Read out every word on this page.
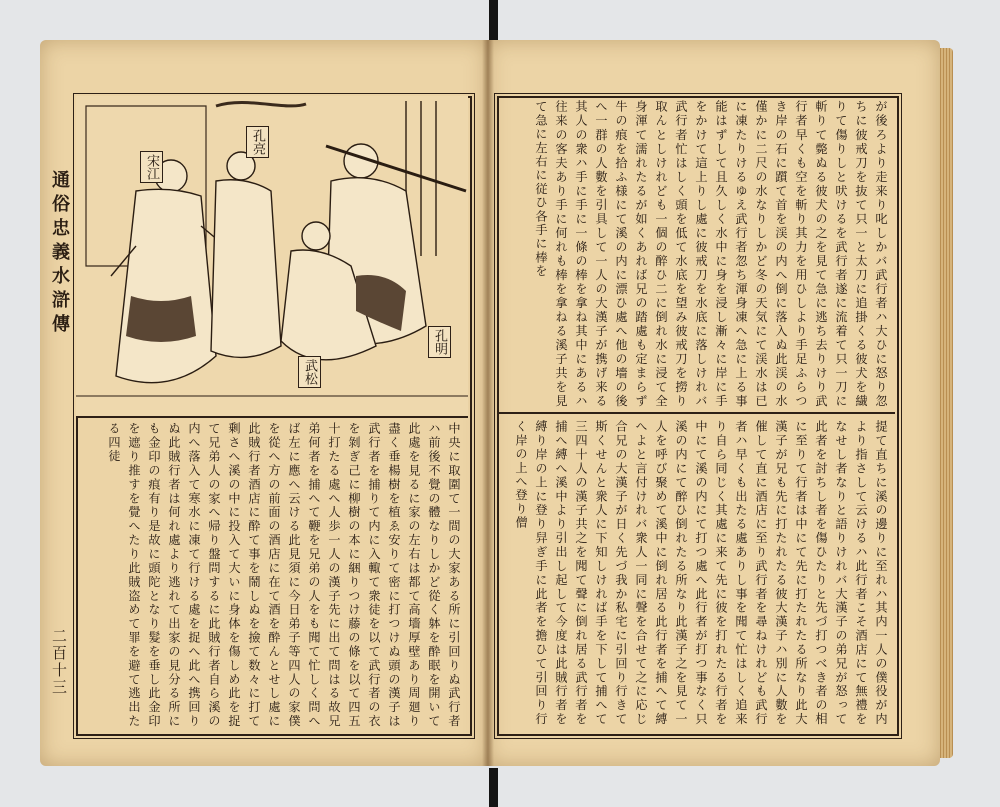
通俗忠義水滸傳
二百十三
宋江
孔亮
孔明
武松
中央に取圍て一間の大家ある所に引回りぬ武行者ハ前後不覺の體なりしかど從く躰を酔眠を開いて此處を見るに家の左右は都て高墻厚壁あり周廻り盡く垂楊樹を植ゑ安りて密に打つけぬ頭の漢子は武行者を捕りて内に入輙て衆徒を以て武行者の衣を剝ぎ己に柳樹の本に綑りつけ藤の條を以て四五十打たる處へ人歩一人の漢子先に出て問はる故兄弟何者を捕へて鞭を兄弟の人をも聞て忙しく問へば左に應へ云ける此見須に今日弟子等四人の家僕を從へ方の前面の酒店に在て酒を酔んとせし處に此賊行者酒店に酔て事を鬧しぬを撿て数々に打て剰さへ溪の中に投入て大いに身体を傷しめ此を捉て兄弟人の家へ帰り盤問するに此賊行者自ら溪の内へ落入て寒水に凍て行ける處を捉へ此へ携回りぬ此賊行者は何れ處より逃れて出家の見分る所にも金印の痕有り是故に頭陀となり髮を垂し此金印を遮り推すを覺へたり此賊盗めて罪を避て逃出たる四徒
が後ろより走来り叱しかバ武行者ハ大ひに怒り忽ちに彼戒刀を抜て只一と太刀に追掛くる彼犬を繊りて傷りしと吠けるを武行者遂に流着て只一刀に斬りて斃ぬる彼犬の之を見て急に逃ち去りけり武行者早くも空を斬り其力を用ひしより手足ふらつき岸の石に躓て首を渓の内へ倒に落入ぬ此渓の水僅かに二尺の水なりしかど冬の天気にて渓水は已に凍たりけるゆえ武行者忽ち渾身凍へ急に上る事能はずして且久しく水中に身を浸し漸々に岸に手をかけて這上りし處に彼戒刀を水底に落しけれバ武行者忙はしく頭を低て水底を望み彼戒刀を撈り取んとしけれども一個の醉ひ二に倒れ水に浸て全身渾て濡れたるが如くあれば兄の踏處も定まらず牛の痕を拾ふ様にて溪の内に漂ひ處へ他の墻の後へ一群の人數を引具して一人の大漢子が携げ来る其人の衆ハ手に手に一條の棒を拿ね其中にあるハ往来の客夫あり手に何れも棒を拿ねる溪子共を見て急に左右に従ひ各手に棒を
提て直ちに溪の邊りに至れハ其内一人の僕役が内より指さして云けるハ此行者こそ酒店にて無禮をなせし者なりと語りけれバ大漢子の弟兄が怒って此者を討ちし者を傷ひたりと先づ打つべき者の相に至りて行者は中にて先に打たれたる所なり此大漢子が兄も先に打たれたる彼大漢子ハ別に人數を催して直に酒店に至り武行者を尋ねけれども武行者ハ早くも出たる處ありし事を聞て忙はしく追来り自ら同じく其處に来て先に彼を打れたる行者を中にて溪の内にて打つ處へ此行者が打つ事なく只溪の内にて醉ひ倒れたる所なり此漢子之を見て一人を呼び聚めて溪中に倒れ居る此行者を捕へて縛へよと言付けれバ衆人一同に聲を合せて之に応じ合兄の大漢子が日く先づ我か私宅に引回り行きて斯くせんと衆人に下知しければ手を下して捕へて三四十人の漢子共之を聞て聲に倒れ居る武行者を捕へ縛へ溪中より引出し起して今度は此賊行者を縛り岸の上に登り舁ぎ手に此者を擔ひて引回り行く岸の上へ登り僧
